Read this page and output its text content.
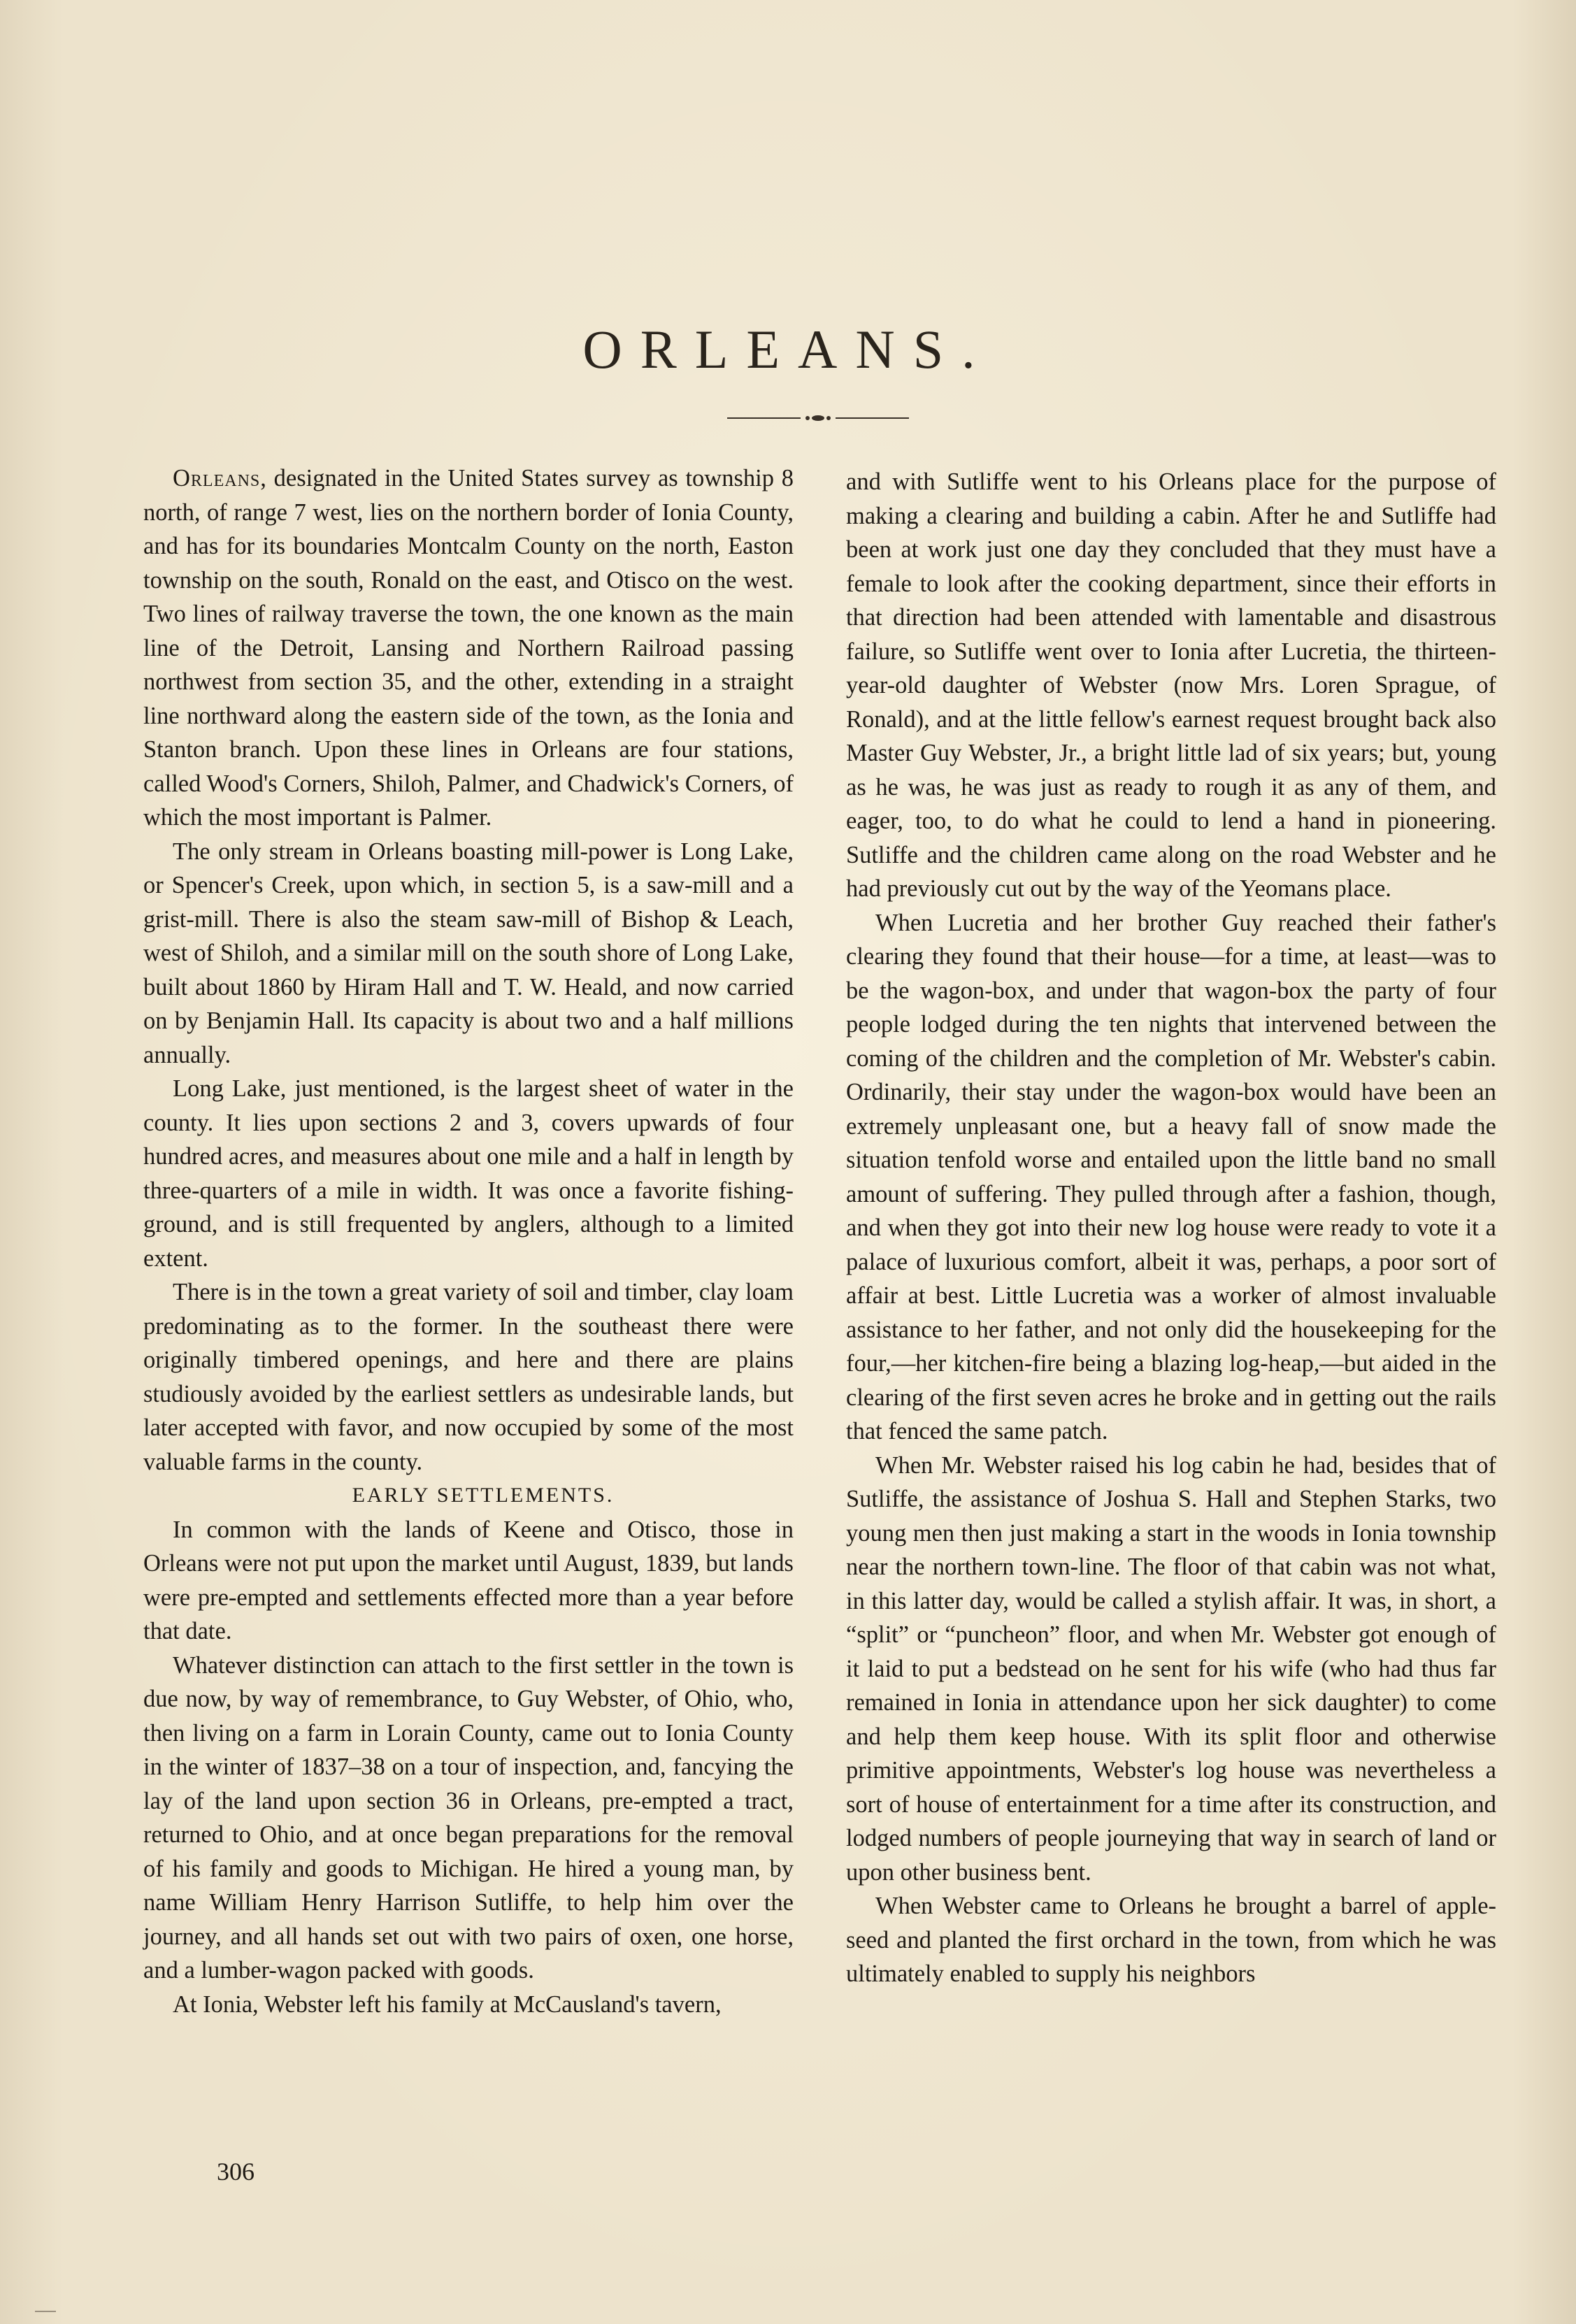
ORLEANS.

Orleans, designated in the United States survey as township 8 north, of range 7 west, lies on the northern border of Ionia County, and has for its boundaries Montcalm County on the north, Easton township on the south, Ronald on the east, and Otisco on the west. Two lines of railway traverse the town, the one known as the main line of the Detroit, Lansing and Northern Railroad passing northwest from section 35, and the other, extending in a straight line northward along the eastern side of the town, as the Ionia and Stanton branch. Upon these lines in Orleans are four stations, called Wood's Corners, Shiloh, Palmer, and Chadwick's Corners, of which the most important is Palmer.

The only stream in Orleans boasting mill-power is Long Lake, or Spencer's Creek, upon which, in section 5, is a saw-mill and a grist-mill. There is also the steam saw-mill of Bishop & Leach, west of Shiloh, and a similar mill on the south shore of Long Lake, built about 1860 by Hiram Hall and T. W. Heald, and now carried on by Benjamin Hall. Its capacity is about two and a half millions annually.

Long Lake, just mentioned, is the largest sheet of water in the county. It lies upon sections 2 and 3, covers upwards of four hundred acres, and measures about one mile and a half in length by three-quarters of a mile in width. It was once a favorite fishing-ground, and is still frequented by anglers, although to a limited extent.

There is in the town a great variety of soil and timber, clay loam predominating as to the former. In the southeast there were originally timbered openings, and here and there are plains studiously avoided by the earliest settlers as undesirable lands, but later accepted with favor, and now occupied by some of the most valuable farms in the county.

EARLY SETTLEMENTS.

In common with the lands of Keene and Otisco, those in Orleans were not put upon the market until August, 1839, but lands were pre-empted and settlements effected more than a year before that date.

Whatever distinction can attach to the first settler in the town is due now, by way of remembrance, to Guy Webster, of Ohio, who, then living on a farm in Lorain County, came out to Ionia County in the winter of 1837–38 on a tour of inspection, and, fancying the lay of the land upon section 36 in Orleans, pre-empted a tract, returned to Ohio, and at once began preparations for the removal of his family and goods to Michigan. He hired a young man, by name William Henry Harrison Sutliffe, to help him over the journey, and all hands set out with two pairs of oxen, one horse, and a lumber-wagon packed with goods.

At Ionia, Webster left his family at McCausland's tavern,

and with Sutliffe went to his Orleans place for the purpose of making a clearing and building a cabin. After he and Sutliffe had been at work just one day they concluded that they must have a female to look after the cooking department, since their efforts in that direction had been attended with lamentable and disastrous failure, so Sutliffe went over to Ionia after Lucretia, the thirteen-year-old daughter of Webster (now Mrs. Loren Sprague, of Ronald), and at the little fellow's earnest request brought back also Master Guy Webster, Jr., a bright little lad of six years; but, young as he was, he was just as ready to rough it as any of them, and eager, too, to do what he could to lend a hand in pioneering. Sutliffe and the children came along on the road Webster and he had previously cut out by the way of the Yeomans place.

When Lucretia and her brother Guy reached their father's clearing they found that their house—for a time, at least—was to be the wagon-box, and under that wagon-box the party of four people lodged during the ten nights that intervened between the coming of the children and the completion of Mr. Webster's cabin. Ordinarily, their stay under the wagon-box would have been an extremely unpleasant one, but a heavy fall of snow made the situation tenfold worse and entailed upon the little band no small amount of suffering. They pulled through after a fashion, though, and when they got into their new log house were ready to vote it a palace of luxurious comfort, albeit it was, perhaps, a poor sort of affair at best. Little Lucretia was a worker of almost invaluable assistance to her father, and not only did the housekeeping for the four,—her kitchen-fire being a blazing log-heap,—but aided in the clearing of the first seven acres he broke and in getting out the rails that fenced the same patch.

When Mr. Webster raised his log cabin he had, besides that of Sutliffe, the assistance of Joshua S. Hall and Stephen Starks, two young men then just making a start in the woods in Ionia township near the northern town-line. The floor of that cabin was not what, in this latter day, would be called a stylish affair. It was, in short, a “split” or “puncheon” floor, and when Mr. Webster got enough of it laid to put a bedstead on he sent for his wife (who had thus far remained in Ionia in attendance upon her sick daughter) to come and help them keep house. With its split floor and otherwise primitive appointments, Webster's log house was nevertheless a sort of house of entertainment for a time after its construction, and lodged numbers of people journeying that way in search of land or upon other business bent.

When Webster came to Orleans he brought a barrel of apple-seed and planted the first orchard in the town, from which he was ultimately enabled to supply his neighbors

306
